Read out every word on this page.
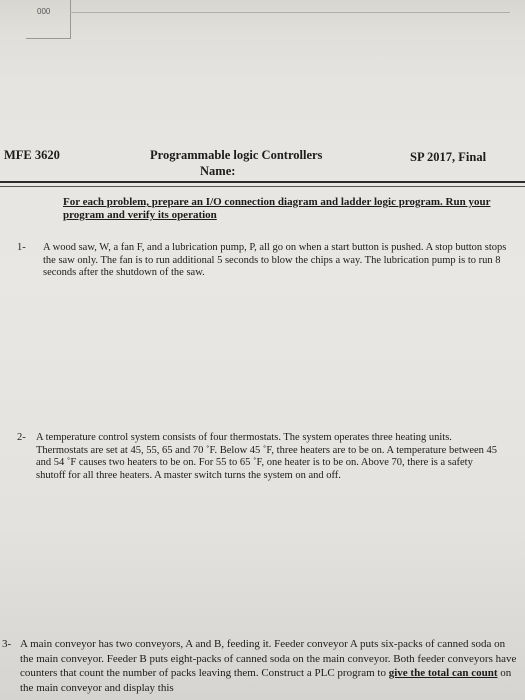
000
MFE 3620	Programmable logic Controllers
Name:
SP 2017, Final
For each problem, prepare an I/O connection diagram and ladder logic program. Run your program and verify its operation
1- A wood saw, W, a fan F, and a lubrication pump, P, all go on when a start button is pushed. A stop button stops the saw only. The fan is to run additional 5 seconds to blow the chips a way. The lubrication pump is to run 8 seconds after the shutdown of the saw.
2- A temperature control system consists of four thermostats. The system operates three heating units. Thermostats are set at 45, 55, 65 and 70 ˚F. Below 45 ˚F, three heaters are to be on. A temperature between 45 and 54 ˚F causes two heaters to be on. For 55 to 65 ˚F, one heater is to be on. Above 70, there is a safety shutoff for all three heaters. A master switch turns the system on and off.
3- A main conveyor has two conveyors, A and B, feeding it. Feeder conveyor A puts six-packs of canned soda on the main conveyor. Feeder B puts eight-packs of canned soda on the main conveyor. Both feeder conveyors have counters that count the number of packs leaving them. Construct a PLC program to give the total can count on the main conveyor and display this
